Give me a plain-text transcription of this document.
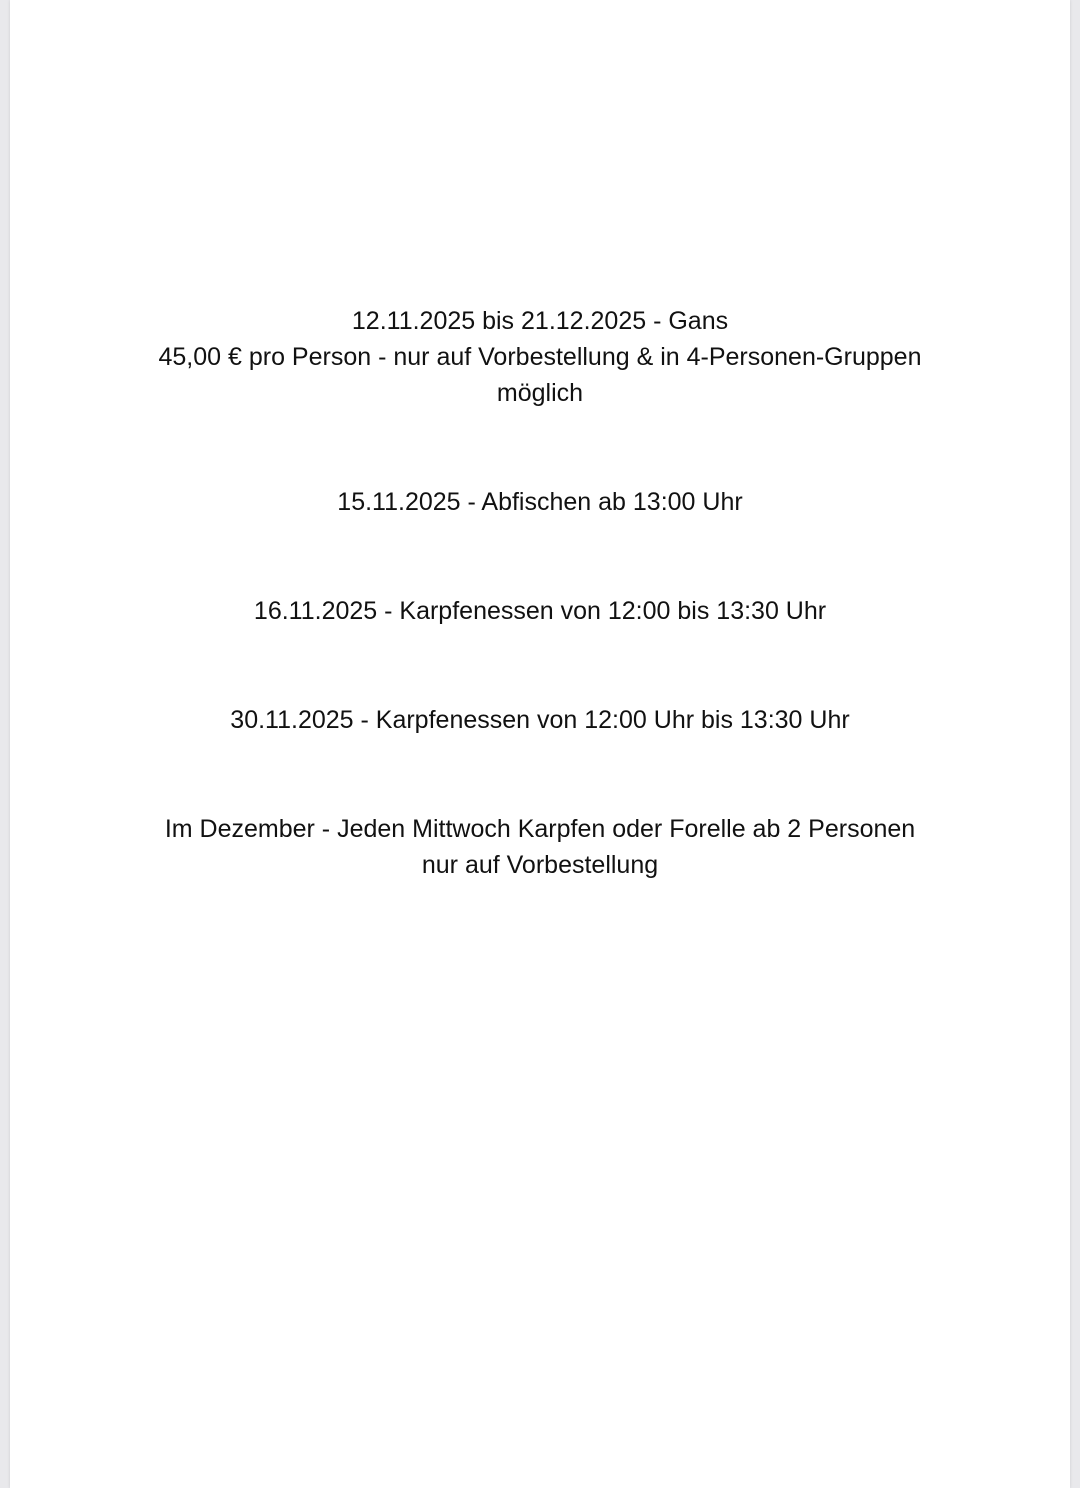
12.11.2025 bis 21.12.2025 - Gans
45,00 € pro Person - nur auf Vorbestellung & in 4-Personen-Gruppen
möglich
15.11.2025 - Abfischen ab 13:00 Uhr
16.11.2025 - Karpfenessen von 12:00 bis 13:30 Uhr
30.11.2025 - Karpfenessen von 12:00 Uhr bis 13:30 Uhr
Im Dezember - Jeden Mittwoch Karpfen oder Forelle ab 2 Personen
nur auf Vorbestellung
